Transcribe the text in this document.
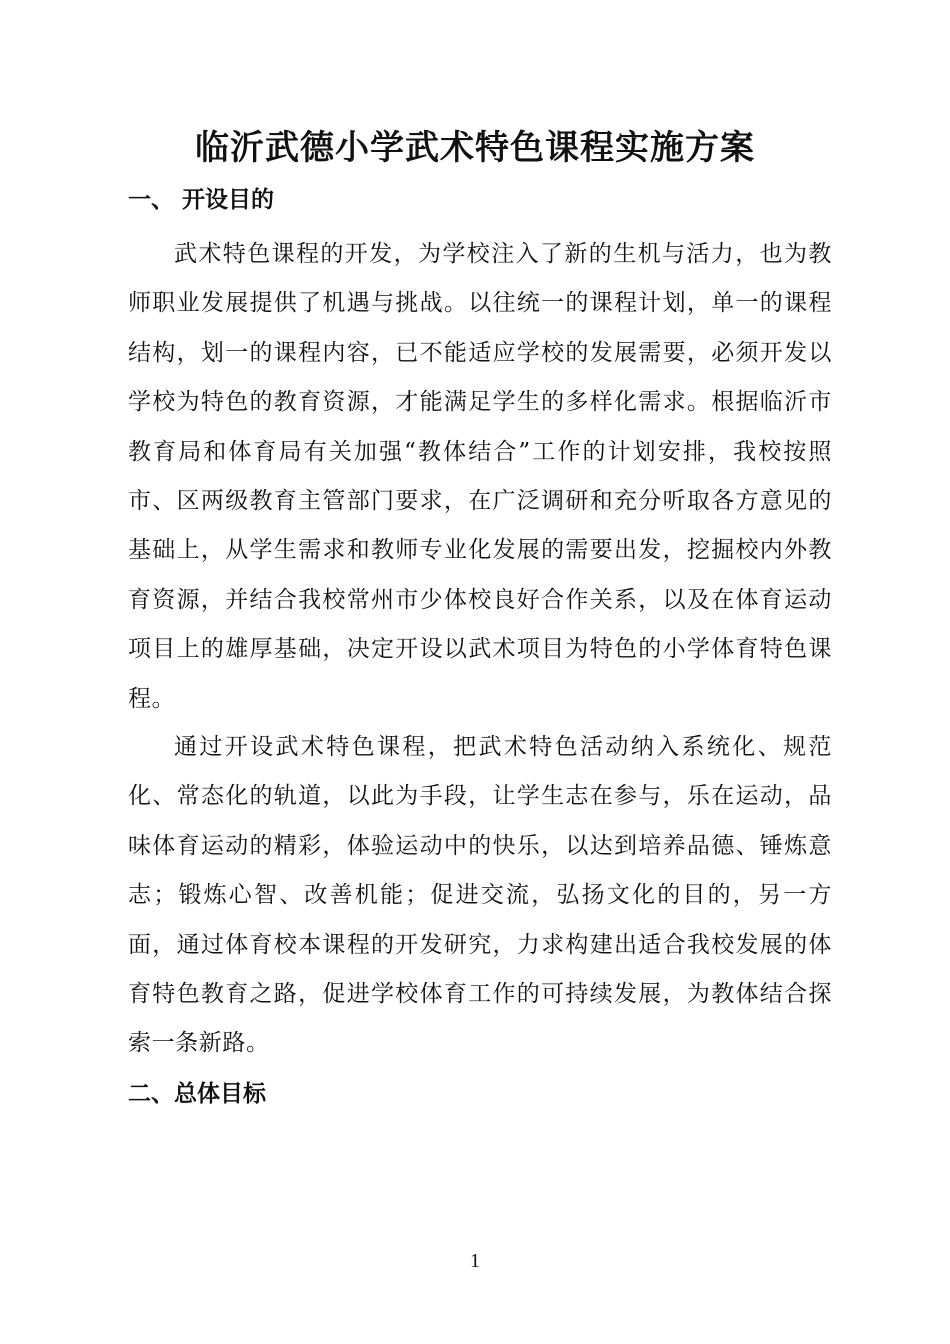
临沂武德小学武术特色课程实施方案
一、 开设目的

武术特色课程的开发，为学校注入了新的生机与活力，也为教师职业发展提供了机遇与挑战。以往统一的课程计划，单一的课程结构，划一的课程内容，已不能适应学校的发展需要，必须开发以学校为特色的教育资源，才能满足学生的多样化需求。根据临沂市教育局和体育局有关加强“教体结合”工作的计划安排，我校按照市、区两级教育主管部门要求，在广泛调研和充分听取各方意见的基础上，从学生需求和教师专业化发展的需要出发，挖掘校内外教育资源，并结合我校常州市少体校良好合作关系，以及在体育运动项目上的雄厚基础，决定开设以武术项目为特色的小学体育特色课程。

通过开设武术特色课程，把武术特色活动纳入系统化、规范化、常态化的轨道，以此为手段，让学生志在参与，乐在运动，品味体育运动的精彩，体验运动中的快乐，以达到培养品德、锤炼意志；锻炼心智、改善机能；促进交流，弘扬文化的目的，另一方面，通过体育校本课程的开发研究，力求构建出适合我校发展的体育特色教育之路，促进学校体育工作的可持续发展，为教体结合探索一条新路。

二、总体目标
1
